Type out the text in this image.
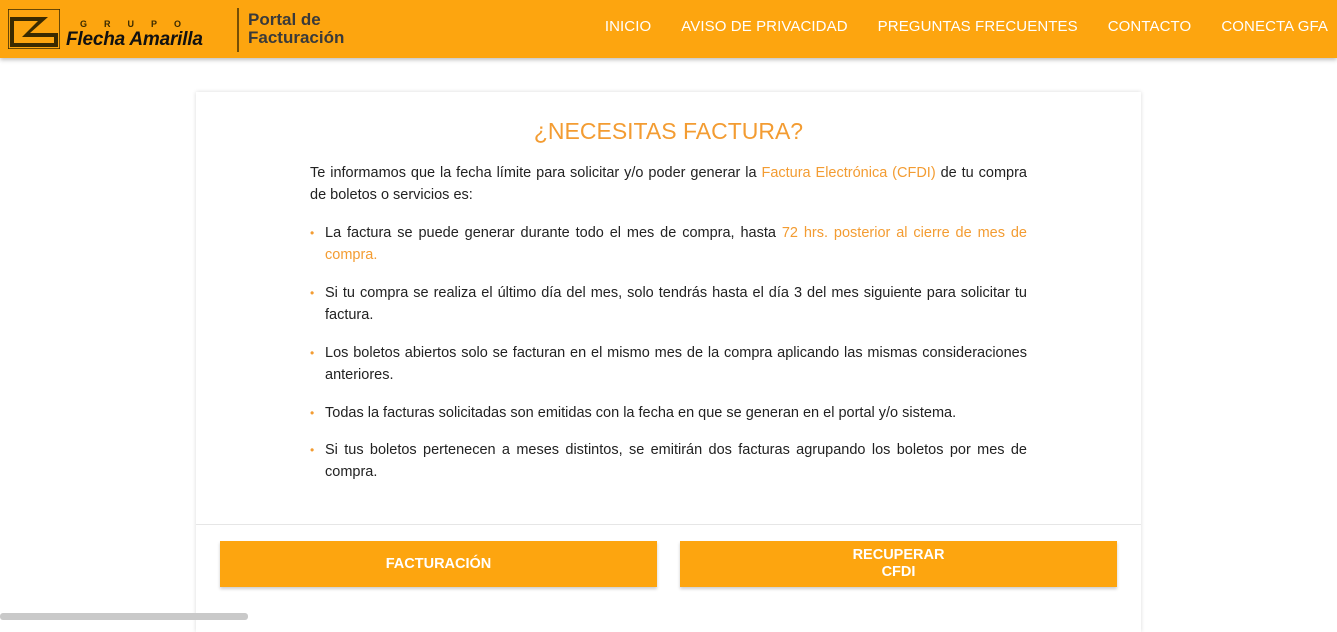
GRUPO
Flecha Amarilla
Portal de
Facturación
INICIO AVISO DE PRIVACIDAD PREGUNTAS FRECUENTES CONTACTO CONECTA GFA
¿NECESITAS FACTURA?

Te informamos que la fecha límite para solicitar y/o poder generar la Factura Electrónica (CFDI) de tu compra de boletos o servicios es:

• La factura se puede generar durante todo el mes de compra, hasta 72 hrs. posterior al cierre de mes de compra.
• Si tu compra se realiza el último día del mes, solo tendrás hasta el día 3 del mes siguiente para solicitar tu factura.
• Los boletos abiertos solo se facturan en el mismo mes de la compra aplicando las mismas consideraciones anteriores.
• Todas la facturas solicitadas son emitidas con la fecha en que se generan en el portal y/o sistema.
• Si tus boletos pertenecen a meses distintos, se emitirán dos facturas agrupando los boletos por mes de compra.
FACTURACIÓN
RECUPERAR CFDI
